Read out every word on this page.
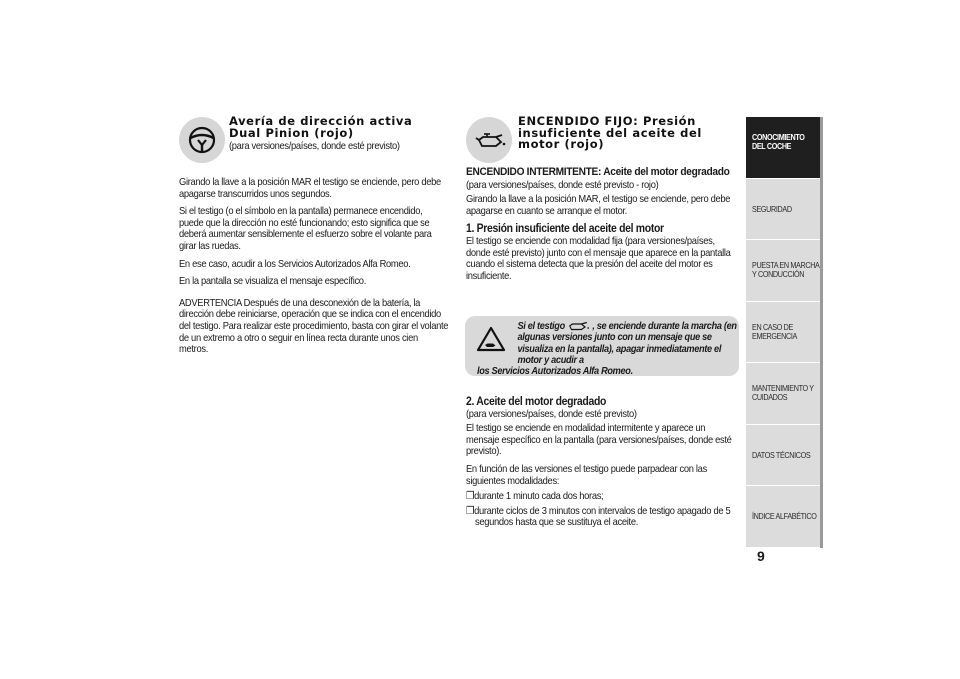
Avería de dirección activa
Dual Pinion (rojo)
(para versiones/países, donde esté previsto)

Girando la llave a la posición MAR el testigo se enciende, pero debe apagarse transcurridos unos segundos.

Si el testigo (o el símbolo en la pantalla) permanece encendido, puede que la dirección no esté funcionando; esto significa que se deberá aumentar sensiblemente el esfuerzo sobre el volante para girar las ruedas.

En ese caso, acudir a los Servicios Autorizados Alfa Romeo.

En la pantalla se visualiza el mensaje específico.

ADVERTENCIA Después de una desconexión de la batería, la dirección debe reiniciarse, operación que se indica con el encendido del testigo. Para realizar este procedimiento, basta con girar el volante de un extremo a otro o seguir en línea recta durante unos cien metros.

ENCENDIDO FIJO: Presión
insuficiente del aceite del
motor (rojo)
ENCENDIDO INTERMITENTE: Aceite del motor degradado

(para versiones/países, donde esté previsto - rojo)

Girando la llave a la posición MAR, el testigo se enciende, pero debe apagarse en cuanto se arranque el motor.

1. Presión insuficiente del aceite del motor

El testigo se enciende con modalidad fija (para versiones/países, donde esté previsto) junto con el mensaje que aparece en la pantalla cuando el sistema detecta que la presión del aceite del motor es insuficiente.

Si el testigo	, se enciende durante la marcha (en algunas versiones junto con un mensaje que se visualiza en la pantalla), apagar inmediatamente el motor y acudir a
los Servicios Autorizados Alfa Romeo.
2. Aceite del motor degradado

(para versiones/países, donde esté previsto)

El testigo se enciende en modalidad intermitente y aparece un mensaje específico en la pantalla (para versiones/países, donde esté previsto).

En función de las versiones el testigo puede parpadear con las siguientes modalidades:

❒durante 1 minuto cada dos horas;

❒durante ciclos de 3 minutos con intervalos de testigo apagado de 5 segundos hasta que se sustituya el aceite.

CONOCIMIENTO
DEL COCHE
SEGURIDAD
PUESTA EN MARCHA
Y CONDUCCIÓN
EN CASO DE
EMERGENCIA
MANTENIMIENTO Y
CUIDADOS
DATOS TÉCNICOS
ÍNDICE ALFABÉTICO
9
